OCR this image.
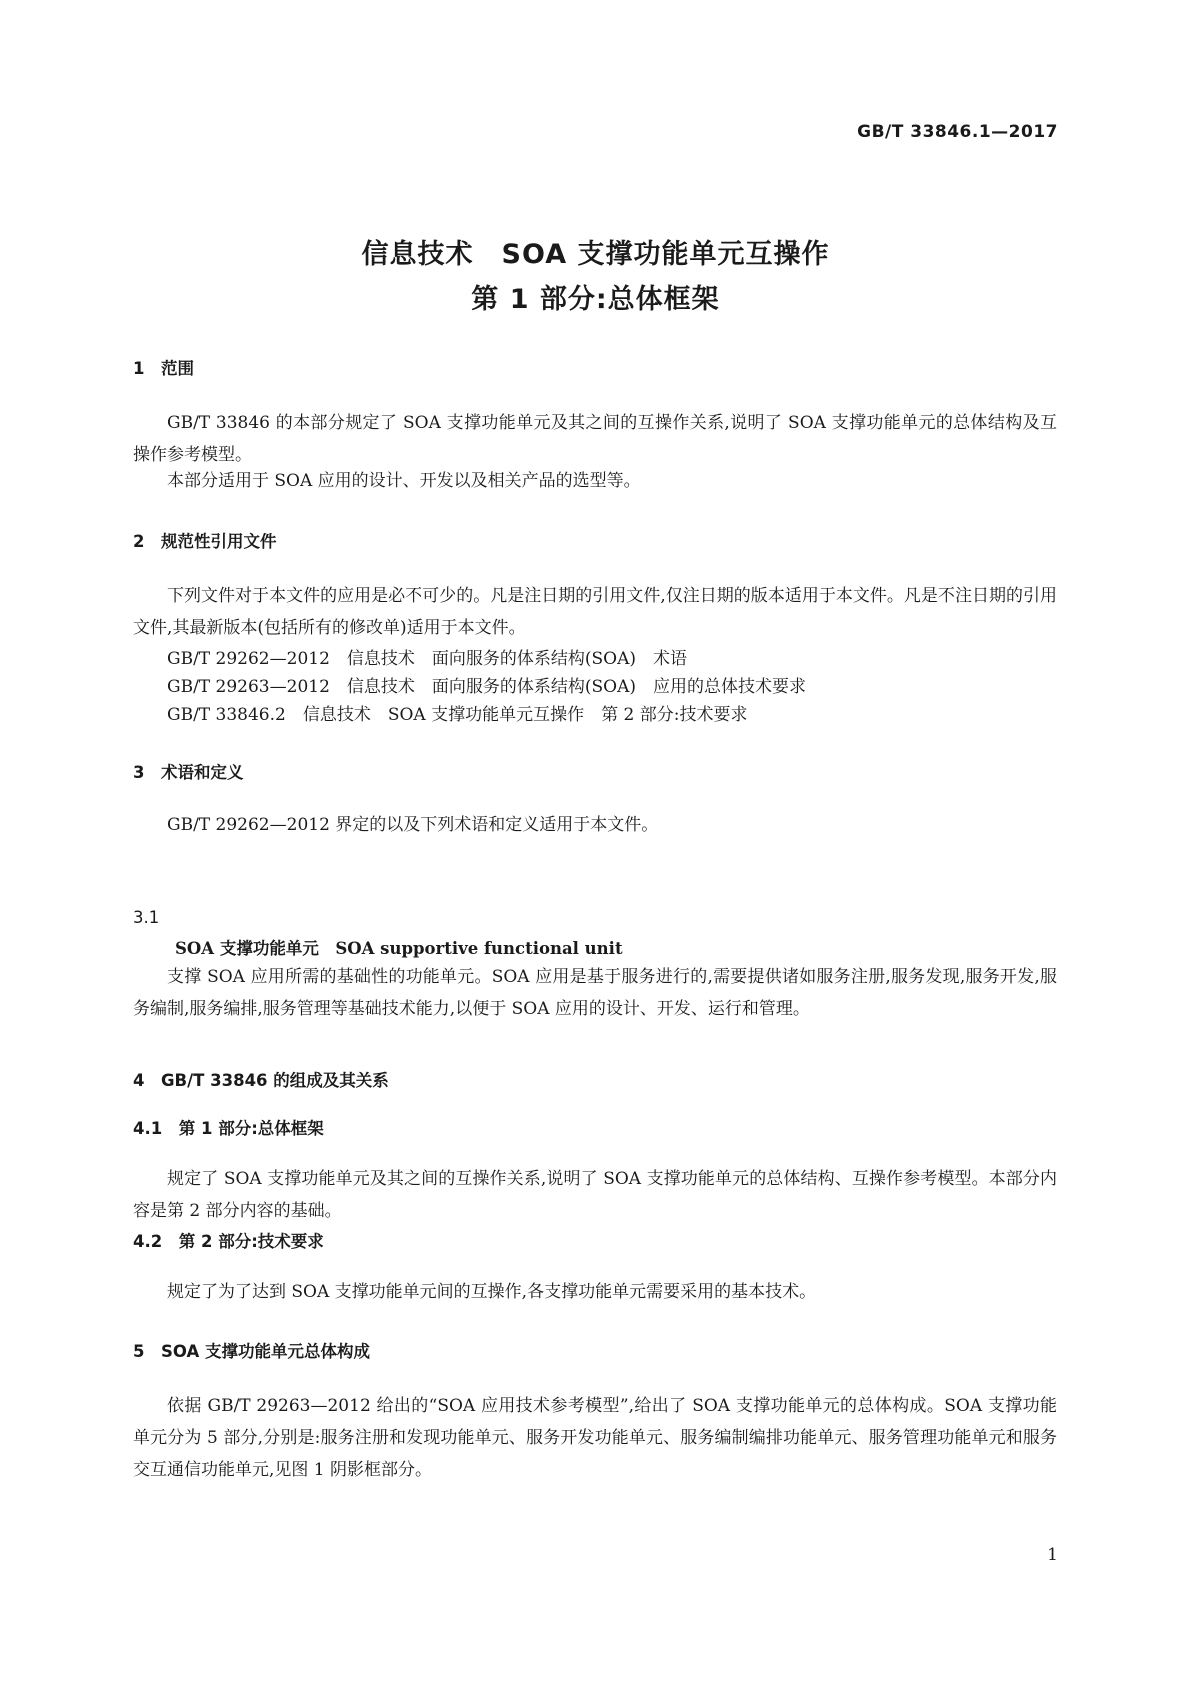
GB/T 33846.1—2017
信息技术　SOA 支撑功能单元互操作
第 1 部分:总体框架
1　范围
GB/T 33846 的本部分规定了 SOA 支撑功能单元及其之间的互操作关系,说明了 SOA 支撑功能单元的总体结构及互操作参考模型。
本部分适用于 SOA 应用的设计、开发以及相关产品的选型等。
2　规范性引用文件
下列文件对于本文件的应用是必不可少的。凡是注日期的引用文件,仅注日期的版本适用于本文件。凡是不注日期的引用文件,其最新版本(包括所有的修改单)适用于本文件。
GB/T 29262—2012　信息技术　面向服务的体系结构(SOA)　术语
GB/T 29263—2012　信息技术　面向服务的体系结构(SOA)　应用的总体技术要求
GB/T 33846.2　信息技术　SOA 支撑功能单元互操作　第 2 部分:技术要求
3　术语和定义
GB/T 29262—2012 界定的以及下列术语和定义适用于本文件。
3.1
SOA 支撑功能单元　SOA supportive functional unit
支撑 SOA 应用所需的基础性的功能单元。SOA 应用是基于服务进行的,需要提供诸如服务注册,服务发现,服务开发,服务编制,服务编排,服务管理等基础技术能力,以便于 SOA 应用的设计、开发、运行和管理。
4　GB/T 33846 的组成及其关系
4.1　第 1 部分:总体框架
规定了 SOA 支撑功能单元及其之间的互操作关系,说明了 SOA 支撑功能单元的总体结构、互操作参考模型。本部分内容是第 2 部分内容的基础。
4.2　第 2 部分:技术要求
规定了为了达到 SOA 支撑功能单元间的互操作,各支撑功能单元需要采用的基本技术。
5　SOA 支撑功能单元总体构成
依据 GB/T 29263—2012 给出的“SOA 应用技术参考模型”,给出了 SOA 支撑功能单元的总体构成。SOA 支撑功能单元分为 5 部分,分别是:服务注册和发现功能单元、服务开发功能单元、服务编制编排功能单元、服务管理功能单元和服务交互通信功能单元,见图 1 阴影框部分。
1
